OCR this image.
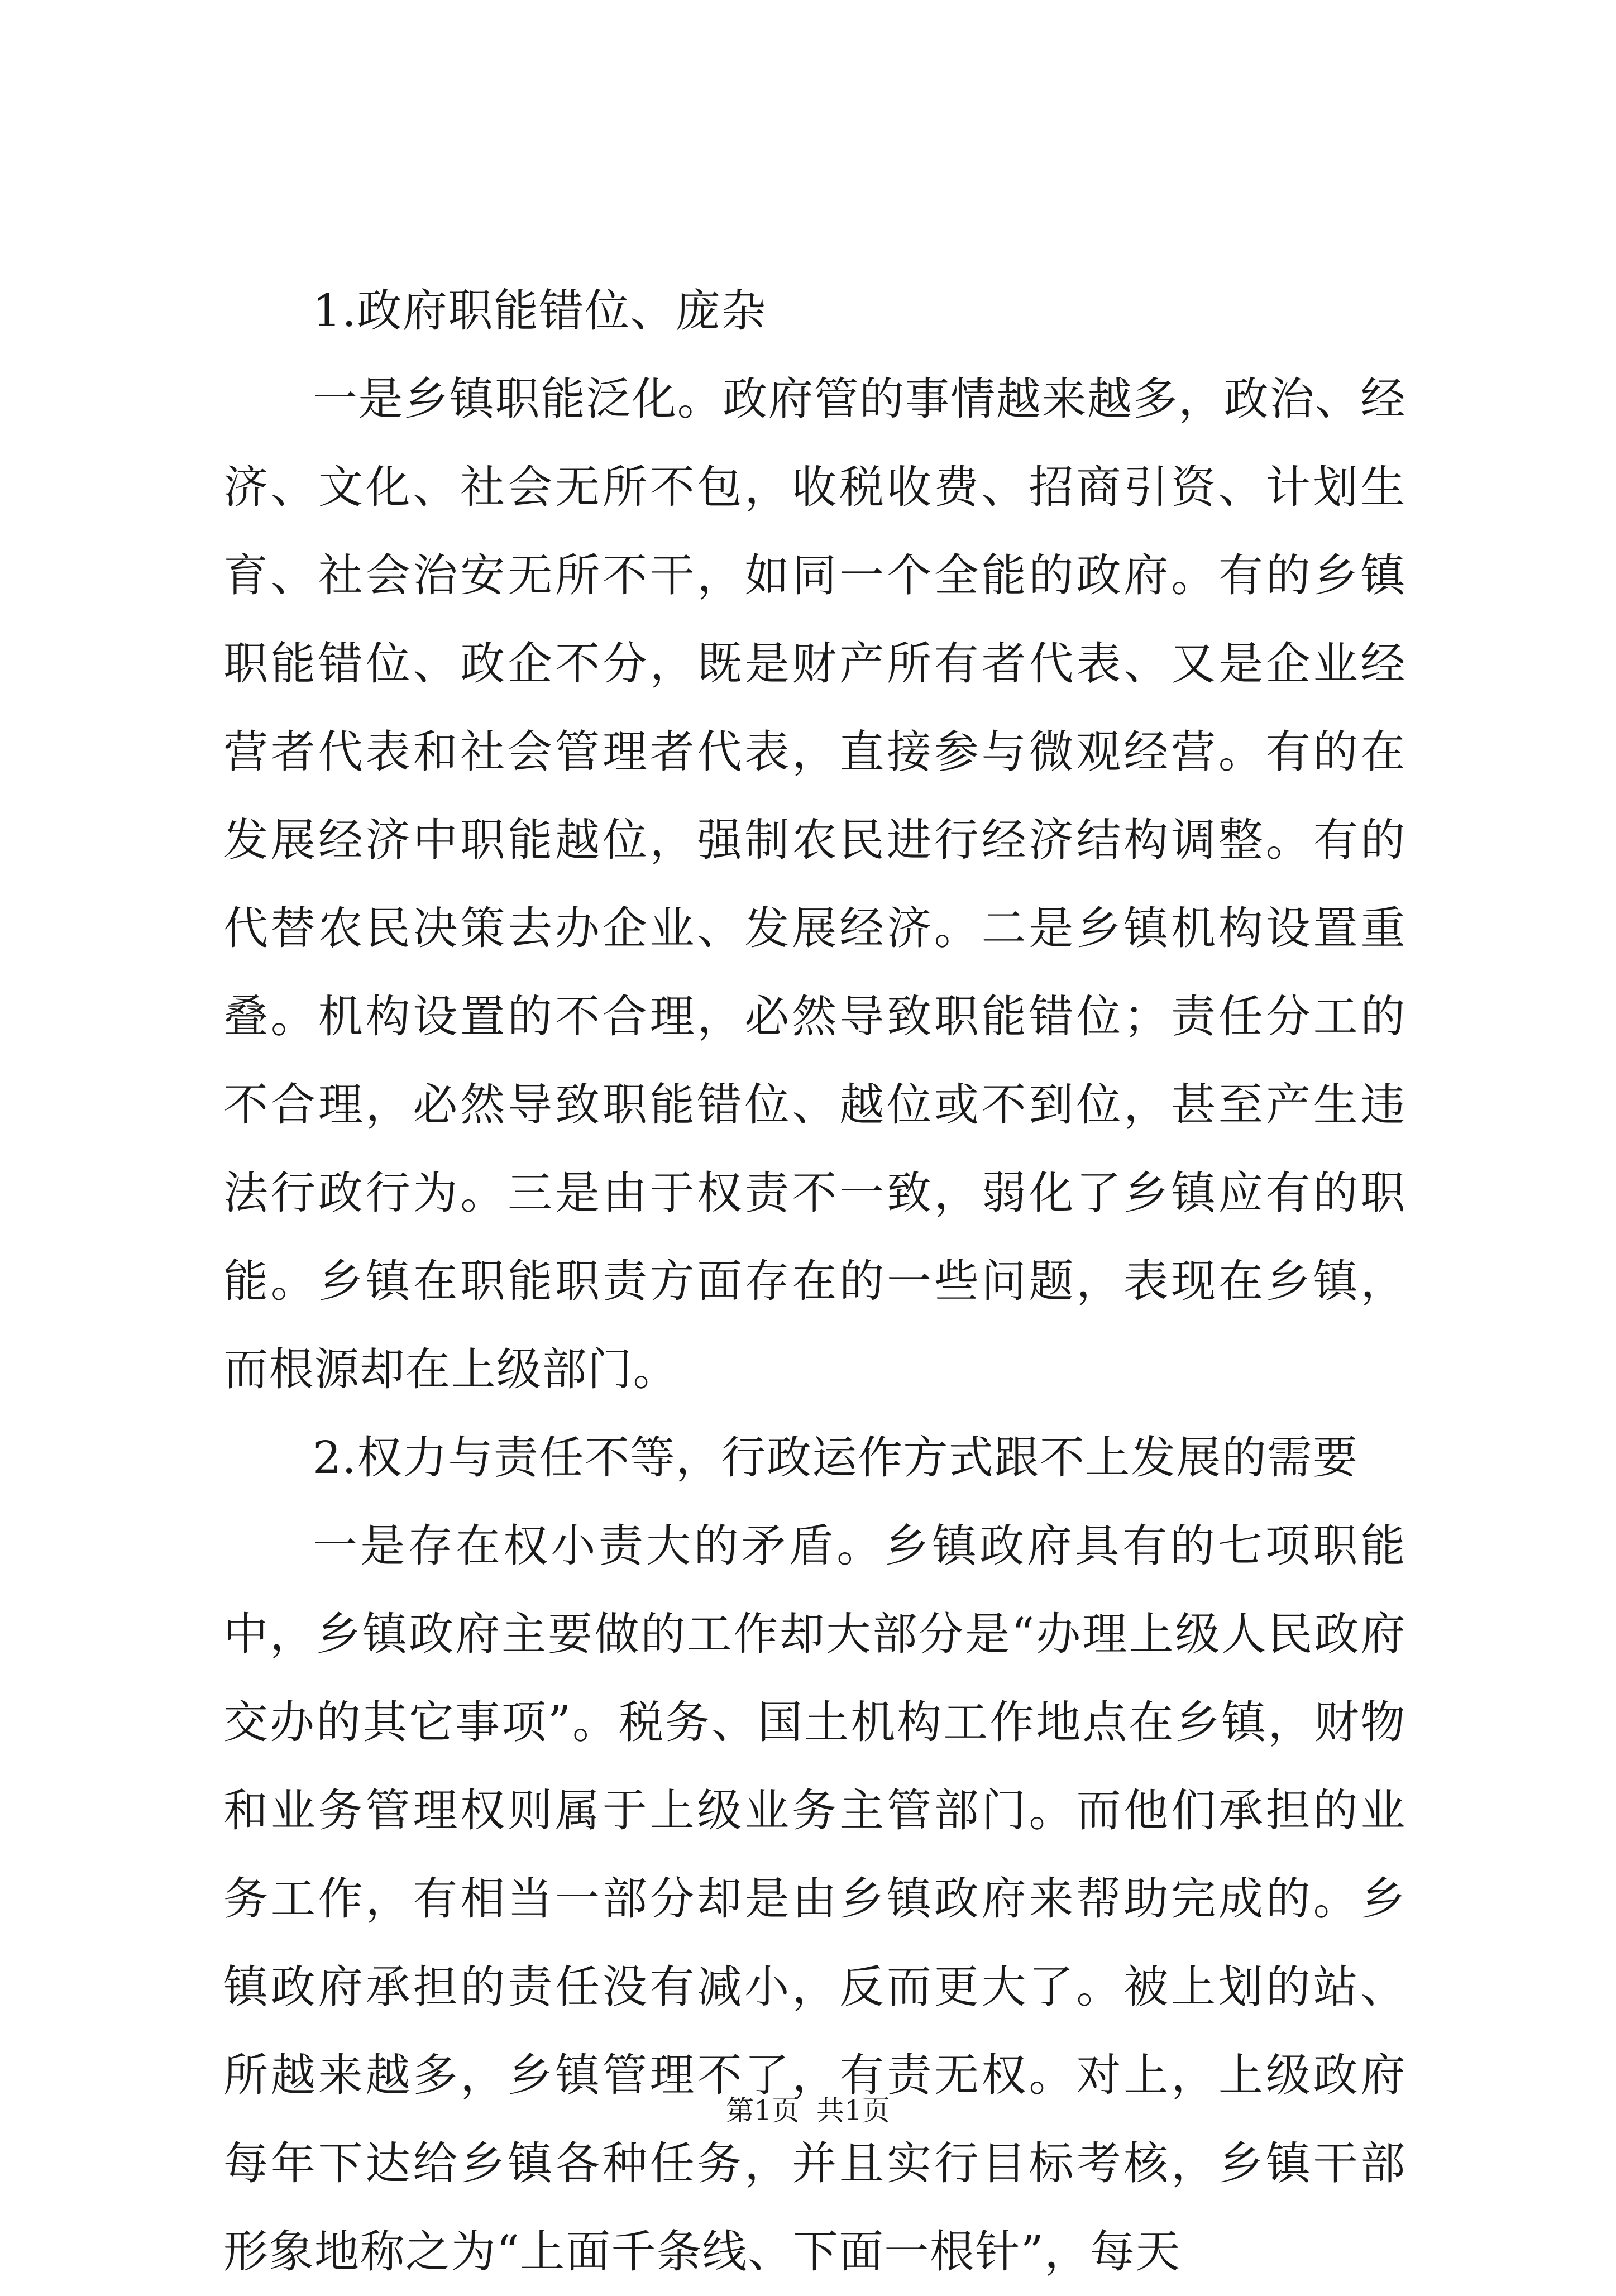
1.政府职能错位、庞杂

一是乡镇职能泛化。政府管的事情越来越多，政治、经济、文化、社会无所不包，收税收费、招商引资、计划生育、社会治安无所不干，如同一个全能的政府。有的乡镇职能错位、政企不分，既是财产所有者代表、又是企业经营者代表和社会管理者代表，直接参与微观经营。有的在发展经济中职能越位，强制农民进行经济结构调整。有的代替农民决策去办企业、发展经济。二是乡镇机构设置重叠。机构设置的不合理，必然导致职能错位；责任分工的不合理，必然导致职能错位、越位或不到位，甚至产生违法行政行为。三是由于权责不一致，弱化了乡镇应有的职能。乡镇在职能职责方面存在的一些问题，表现在乡镇，而根源却在上级部门。

2.权力与责任不等，行政运作方式跟不上发展的需要

一是存在权小责大的矛盾。乡镇政府具有的七项职能中，乡镇政府主要做的工作却大部分是“办理上级人民政府交办的其它事项”。税务、国土机构工作地点在乡镇，财物和业务管理权则属于上级业务主管部门。而他们承担的业务工作，有相当一部分却是由乡镇政府来帮助完成的。乡镇政府承担的责任没有减小，反而更大了。被上划的站、所越来越多，乡镇管理不了，有责无权。对上，上级政府每年下达给乡镇各种任务，并且实行目标考核，乡镇干部形象地称之为“上面千条线、下面一根针”，每天

第1页 共1页
